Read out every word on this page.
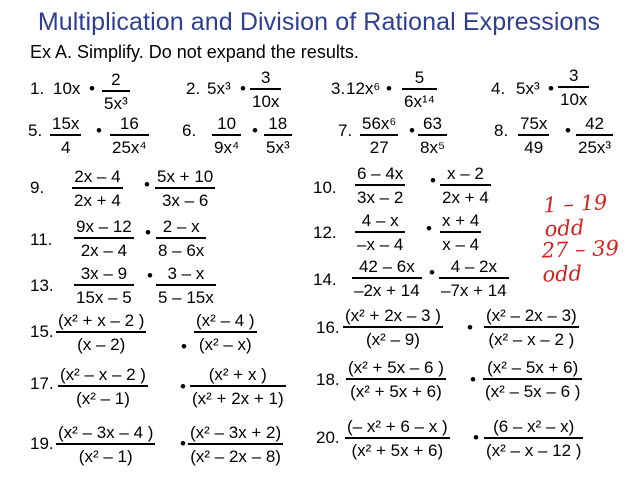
Multiplication and Division of Rational Expressions
Ex A. Simplify. Do not expand the results.
1. 10x • 2
5x³
2. 5x³ •
3
10x
3. 12x⁶ •
5
6x¹⁴
4. 5x³ •
3
10x
5. 15x
4
• 16
25x⁴
6. 10
9x⁴
• 18
5x³
7. 56x⁶
27
• 63
8x⁵
8. 75x
49
• 42
25x³
9.
2x – 4
2x + 4
• 5x + 10
3x – 6
10.
6 – 4x
3x – 2
• x – 2
2x + 4
11.
9x – 12
2x – 4
• 2 – x
8 – 6x
12.
4 – x
–x – 4
• x + 4
x – 4
13.
3x – 9
15x – 5
• 3 – x
5 – 15x
14.
42 – 6x
–2x + 14
• 4 – 2x
–7x + 14
15.
(x² + x – 2 )
(x – 2)	•
(x² – 4 )
(x² – x)
16.
(x² + 2x – 3 )
(x² – 9)
•
(x² – 2x – 3)
(x² – x – 2 )
17. (x² – x – 2 )
(x² – 1)
•
(x² + x )
(x² + 2x + 1)
18.
(x² + 5x – 6 )
(x² + 5x + 6)
•
(x² – 5x + 6)
(x² – 5x – 6 )
19.
(x² – 3x – 4 )
(x² – 1)
•
(x² – 3x + 2)
(x² – 2x – 8)
20.
(– x² + 6 – x )
(x² + 5x + 6)
•
(6 – x² – x)
(x² – x – 12 )
1 – 19 odd
27 – 39 odd
